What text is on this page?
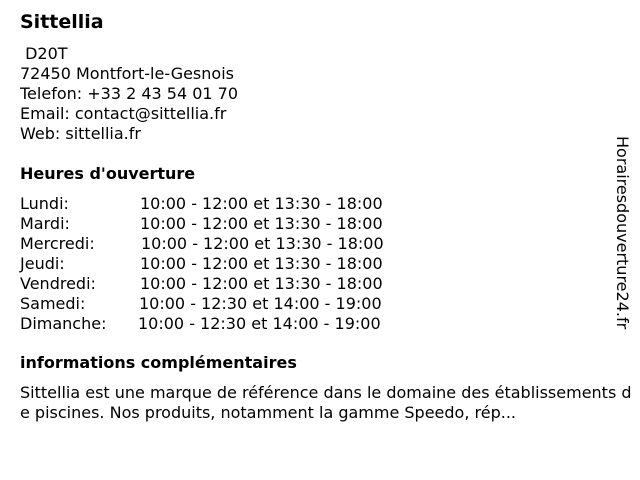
Sittellia
D20T
72450 Montfort-le-Gesnois
Telefon: +33 2 43 54 01 70
Email: contact@sittellia.fr
Web: sittellia.fr
Heures d'ouverture
Lundi:	10:00 - 12:00 et 13:30 - 18:00
Mardi:	10:00 - 12:00 et 13:30 - 18:00
Mercredi:	10:00 - 12:00 et 13:30 - 18:00
Jeudi:	10:00 - 12:00 et 13:30 - 18:00
Vendredi:	10:00 - 12:00 et 13:30 - 18:00
Samedi:	10:00 - 12:30 et 14:00 - 19:00
Dimanche: 10:00 - 12:30 et 14:00 - 19:00
informations complémentaires
Sittellia est une marque de référence dans le domaine des établissements de piscines. Nos produits, notamment la gamme Speedo, rép...
Horairesdouverture24.fr
